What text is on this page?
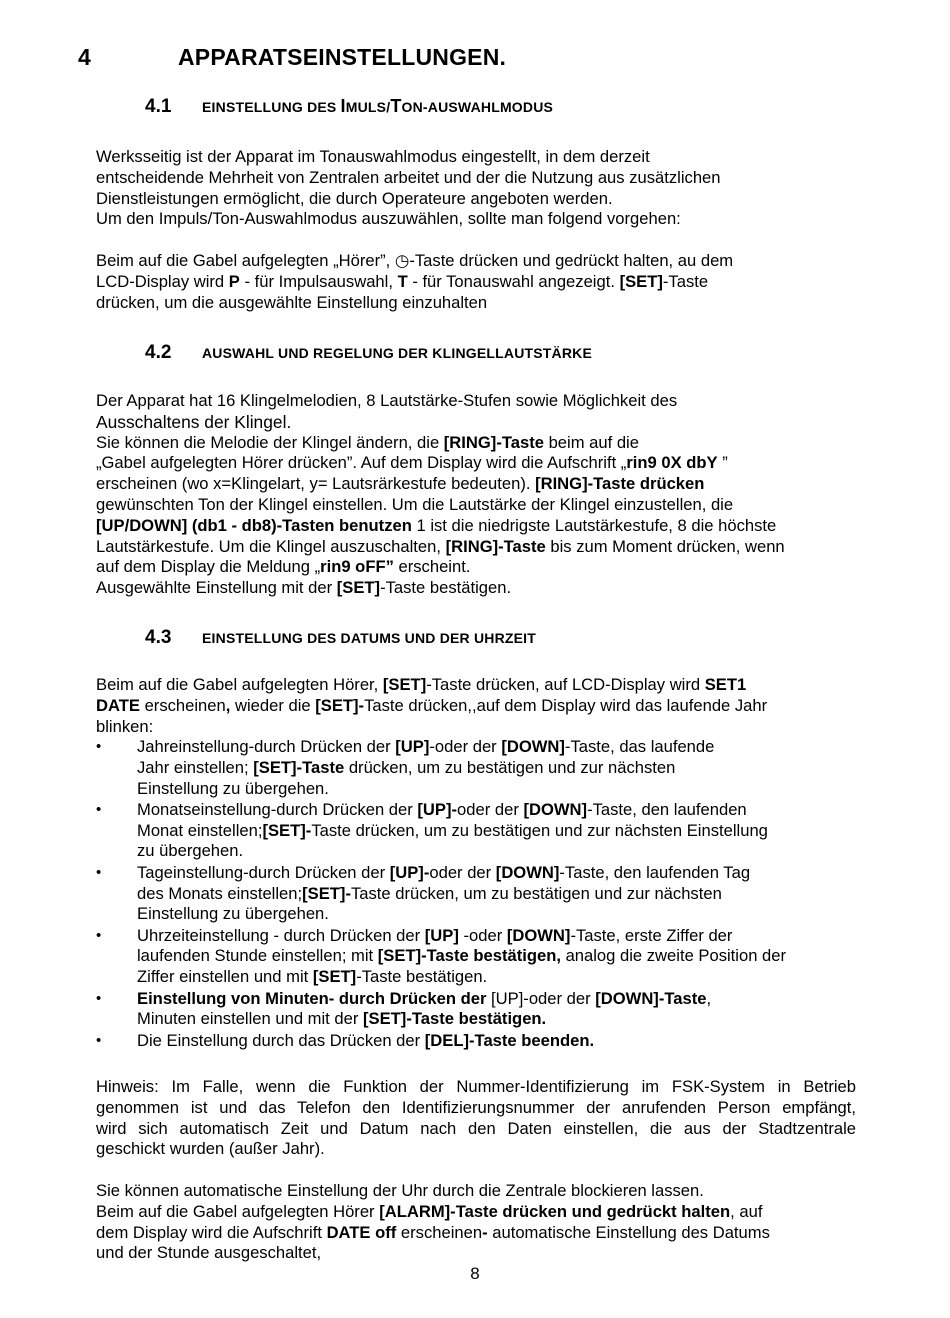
4	APPARATSEINSTELLUNGEN.
4.1 EINSTELLUNG DES IMULS/TON-AUSWAHLMODUS
Werksseitig ist der Apparat im Tonauswahlmodus eingestellt, in dem derzeit
entscheidende Mehrheit von Zentralen arbeitet und der die Nutzung aus zusätzlichen
Dienstleistungen ermöglicht, die durch Operateure angeboten werden.
Um den Impuls/Ton-Auswahlmodus auszuwählen, sollte man folgend vorgehen:
Beim auf die Gabel aufgelegten „Hörer”, ◷-Taste drücken und gedrückt halten, au dem
LCD-Display wird P - für Impulsauswahl, T - für Tonauswahl angezeigt. [SET]-Taste
drücken, um die ausgewählte Einstellung einzuhalten
4.2 AUSWAHL UND REGELUNG DER KLINGELLAUTSTÄRKE
Der Apparat hat 16 Klingelmelodien, 8 Lautstärke-Stufen sowie Möglichkeit des
Ausschaltens der Klingel.
Sie können die Melodie der Klingel ändern, die [RING]-Taste beim auf die
„Gabel aufgelegten Hörer drücken”. Auf dem Display wird die Aufschrift „rin9 0X dbY ”
erscheinen (wo x=Klingelart, y= Lautsrärkestufe bedeuten). [RING]-Taste drücken
gewünschten Ton der Klingel einstellen. Um die Lautstärke der Klingel einzustellen, die
[UP/DOWN] (db1 - db8)-Tasten benutzen 1 ist die niedrigste Lautstärkestufe, 8 die höchste
Lautstärkestufe. Um die Klingel auszuschalten, [RING]-Taste bis zum Moment drücken, wenn
auf dem Display die Meldung „rin9 oFF” erscheint.
Ausgewählte Einstellung mit der [SET]-Taste bestätigen.
4.3 EINSTELLUNG DES DATUMS UND DER UHRZEIT
Beim auf die Gabel aufgelegten Hörer, [SET]-Taste drücken, auf LCD-Display wird SET1
DATE erscheinen, wieder die [SET]-Taste drücken,,auf dem Display wird das laufende Jahr
blinken:
• Jahreinstellung-durch Drücken der [UP]-oder der [DOWN]-Taste, das laufende
Jahr einstellen; [SET]-Taste drücken, um zu bestätigen und zur nächsten
Einstellung zu übergehen.
• Monatseinstellung-durch Drücken der [UP]-oder der [DOWN]-Taste, den laufenden
Monat einstellen;[SET]-Taste drücken, um zu bestätigen und zur nächsten Einstellung
zu übergehen.
• Tageinstellung-durch Drücken der [UP]-oder der [DOWN]-Taste, den laufenden Tag
des Monats einstellen;[SET]-Taste drücken, um zu bestätigen und zur nächsten
Einstellung zu übergehen.
• Uhrzeiteinstellung - durch Drücken der [UP] -oder [DOWN]-Taste, erste Ziffer der
laufenden Stunde einstellen; mit [SET]-Taste bestätigen, analog die zweite Position der
Ziffer einstellen und mit [SET]-Taste bestätigen.
• Einstellung von Minuten- durch Drücken der [UP]-oder der [DOWN]-Taste,
Minuten einstellen und mit der [SET]-Taste bestätigen.
• Die Einstellung durch das Drücken der [DEL]-Taste beenden.
Hinweis: Im Falle, wenn die Funktion der Nummer-Identifizierung im FSK-System in Betrieb
genommen ist und das Telefon den Identifizierungsnummer der anrufenden Person empfängt,
wird sich automatisch Zeit und Datum nach den Daten einstellen, die aus der Stadtzentrale
geschickt wurden (außer Jahr).
Sie können automatische Einstellung der Uhr durch die Zentrale blockieren lassen.
Beim auf die Gabel aufgelegten Hörer [ALARM]-Taste drücken und gedrückt halten, auf
dem Display wird die Aufschrift DATE off erscheinen- automatische Einstellung des Datums
und der Stunde ausgeschaltet,
8
